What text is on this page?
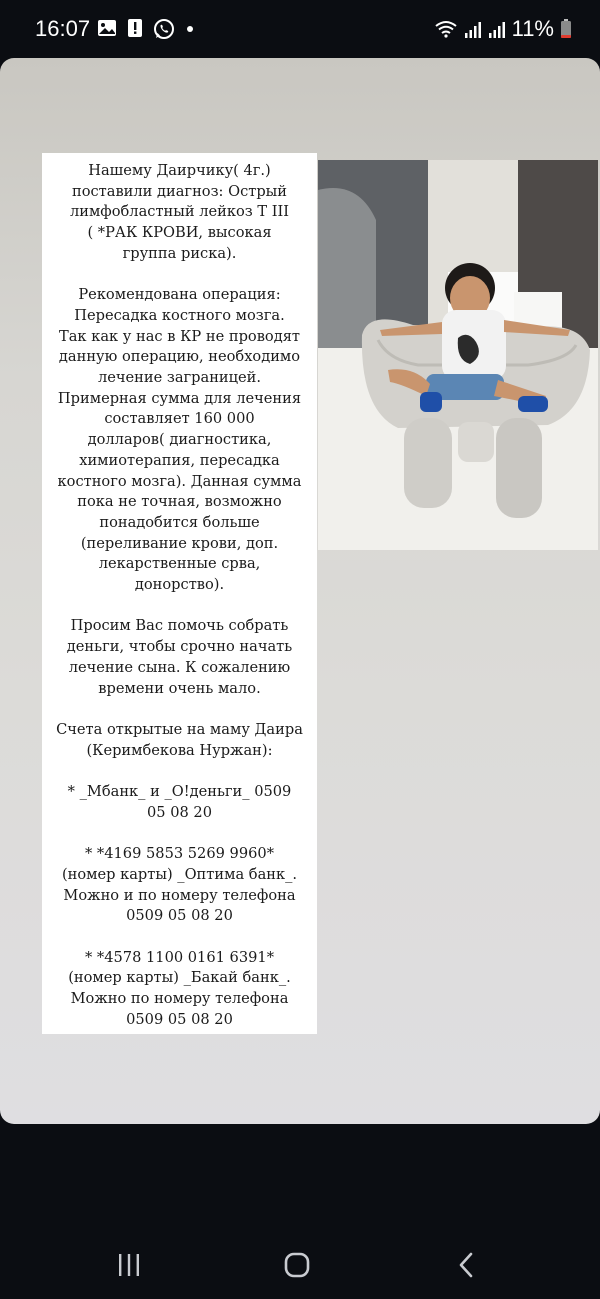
16:07	11%

Нашему Даирчику( 4г.)
поставили диагноз: Острый
лимфобластный лейкоз Т III
( *РАК КРОВИ, высокая
группа риска).

Рекомендована операция:
Пересадка костного мозга.
Так как у нас в КР не проводят
данную операцию, необходимо
лечение заграницей.
Примерная сумма для лечения
составляет 160 000
долларов( диагностика,
химиотерапия, пересадка
костного мозга). Данная сумма
пока не точная, возможно
понадобится больше
(переливание крови, доп.
лекарственные срва,
донорство).

Просим Вас помочь собрать
деньги, чтобы срочно начать
лечение сына. К сожалению
времени очень мало.

Счета открытые на маму Даира
(Керимбекова Нуржан):

* _Мбанк_ и _О!деньги_ 0509
05 08 20

* *4169 5853 5269 9960*
(номер карты) _Оптима банк_.
Можно и по номеру телефона
0509 05 08 20

* *4578 1100 0161 6391*
(номер карты) _Бакай банк_.
Можно по номеру телефона
0509 05 08 20
